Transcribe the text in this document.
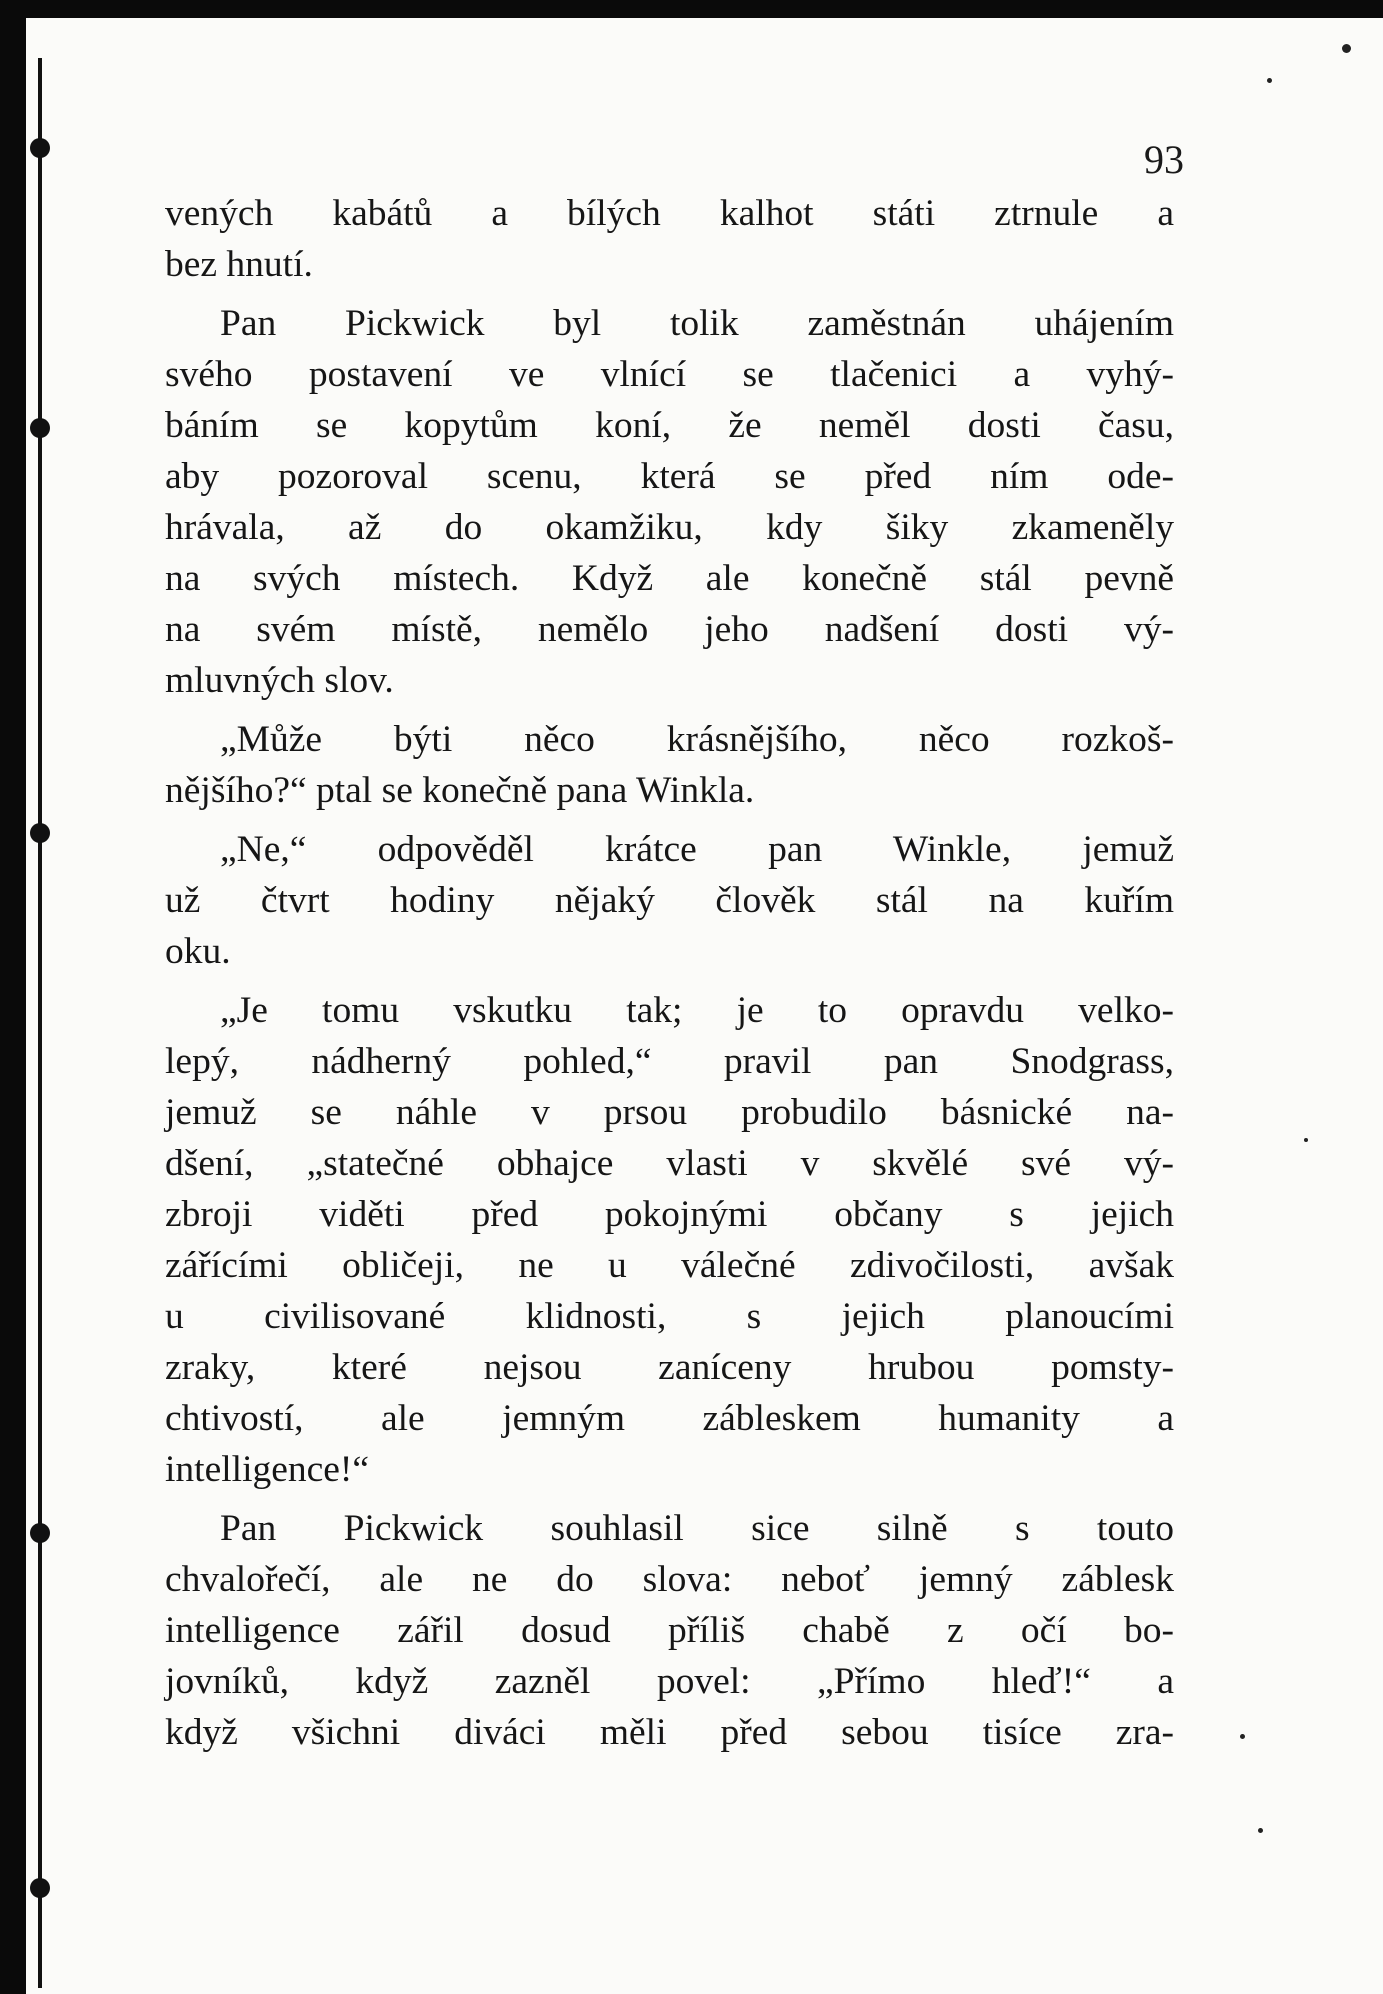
93
vených kabátů a bílých kalhot státi ztrnule a
bez hnutí.
Pan Pickwick byl tolik zaměstnán uhájením
svého postavení ve vlnící se tlačenici a vyhý-
báním se kopytům koní, že neměl dosti času,
aby pozoroval scenu, která se před ním ode-
hrávala, až do okamžiku, kdy šiky zkameněly
na svých místech. Když ale konečně stál pevně
na svém místě, nemělo jeho nadšení dosti vý-
mluvných slov.
„Může býti něco krásnějšího, něco rozkoš-
nějšího?“ ptal se konečně pana Winkla.
„Ne,“ odpověděl krátce pan Winkle, jemuž
už čtvrt hodiny nějaký člověk stál na kuřím
oku.
„Je tomu vskutku tak; je to opravdu velko-
lepý, nádherný pohled,“ pravil pan Snodgrass,
jemuž se náhle v prsou probudilo básnické na-
dšení, „statečné obhajce vlasti v skvělé své vý-
zbroji viděti před pokojnými občany s jejich
zářícími obličeji, ne u válečné zdivočilosti, avšak
u civilisované klidnosti, s jejich planoucími
zraky, které nejsou zaníceny hrubou pomsty-
chtivostí, ale jemným zábleskem humanity a
intelligence!“
Pan Pickwick souhlasil sice silně s touto
chvalořečí, ale ne do slova: neboť jemný záblesk
intelligence zářil dosud příliš chabě z očí bo-
jovníků, když zazněl povel: „Přímo hleď!“ a
když všichni diváci měli před sebou tisíce zra-
